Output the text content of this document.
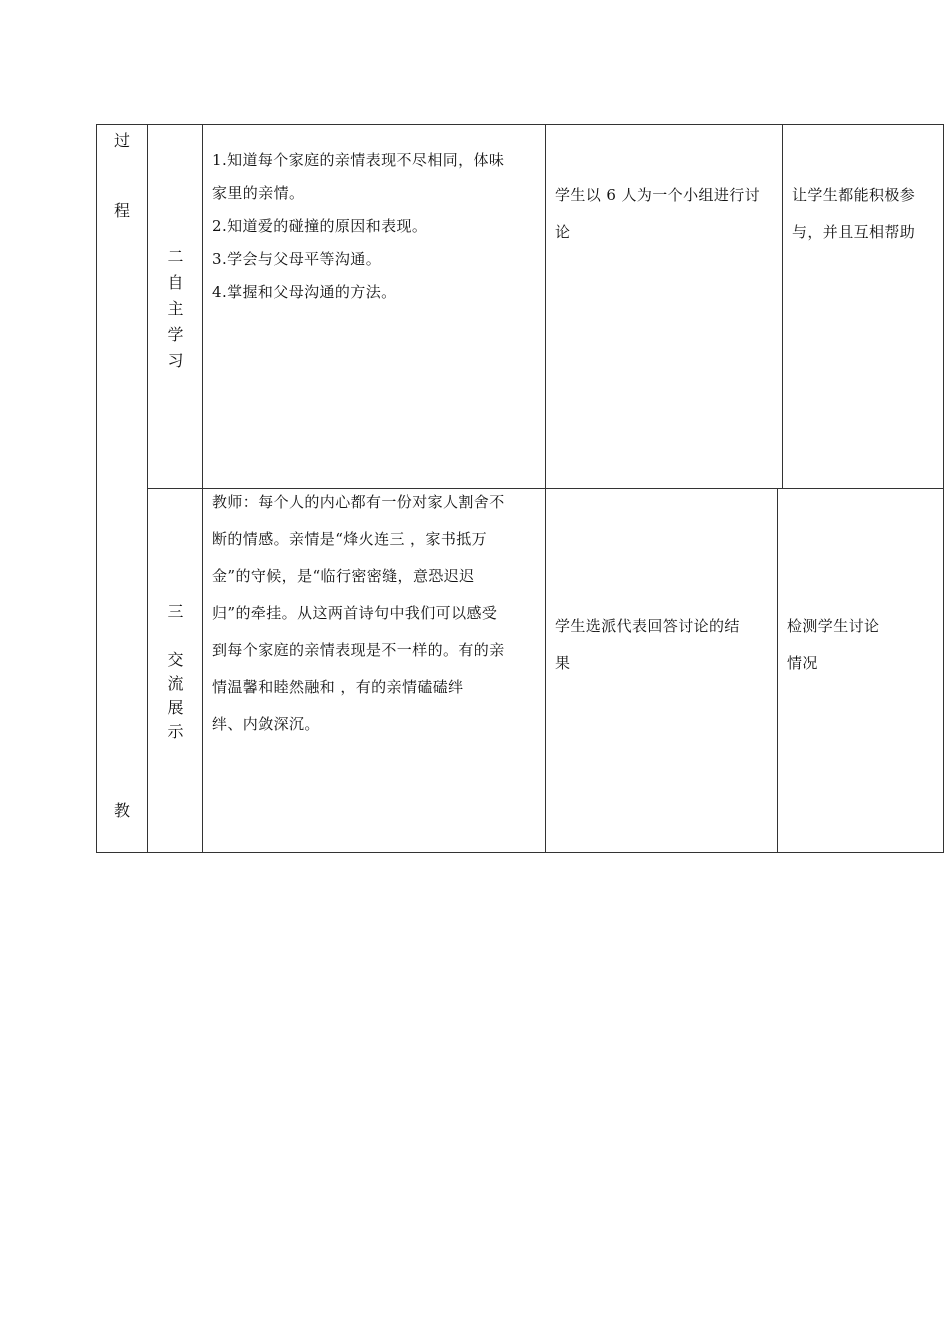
过
程
教
二
自
主
学
习
1.知道每个家庭的亲情表现不尽相同，体味
家里的亲情。
2.知道爱的碰撞的原因和表现。
3.学会与父母平等沟通。
4.掌握和父母沟通的方法。
学生以 6 人为一个小组进行讨
论
让学生都能积极参
与，并且互相帮助
三

交
流
展
示
教师：每个人的内心都有一份对家人割舍不
断的情感。亲情是“烽火连三 ，家书抵万
金”的守候，是“临行密密缝，意恐迟迟
归”的牵挂。从这两首诗句中我们可以感受
到每个家庭的亲情表现是不一样的。有的亲
情温馨和睦然融和 ，有的亲情磕磕绊
绊、内敛深沉。
学生选派代表回答讨论的结
果
检测学生讨论
情况
